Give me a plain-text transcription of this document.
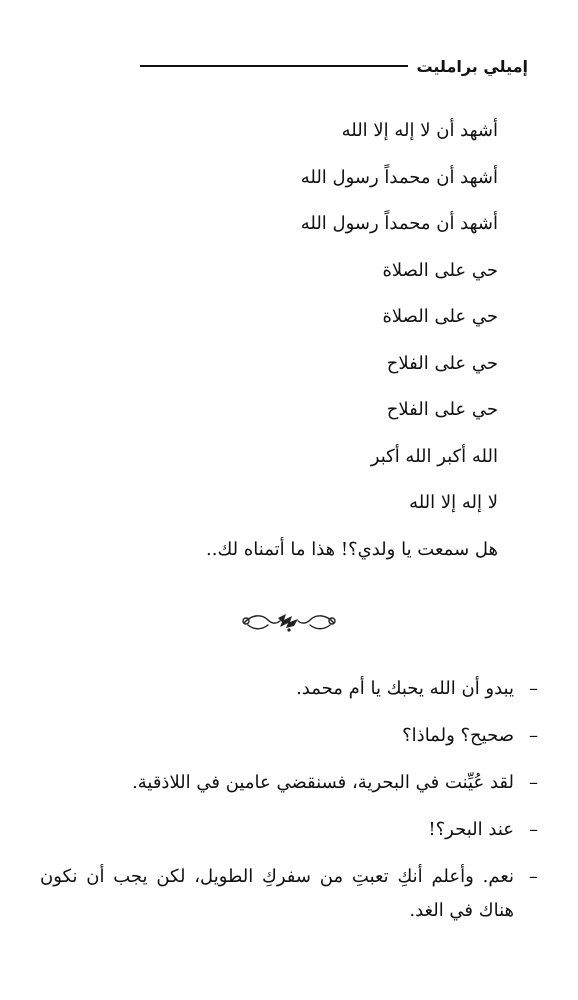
إميلي برامليت
أشهد أن لا إله إلا الله
أشهد أن محمداً رسول الله
أشهد أن محمداً رسول الله
حي على الصلاة
حي على الصلاة
حي على الفلاح
حي على الفلاح
الله أكبر الله أكبر
لا إله إلا الله
هل سمعت يا ولدي؟! هذا ما أتمناه لك..
–
يبدو أن الله يحبك يا أم محمد.
–
صحيح؟ ولماذا؟
–
لقد عُيِّنت في البحرية، فسنقضي عامين في اللاذقية.
–
عند البحر؟!
–
نعم. وأعلم أنكِ تعبتِ من سفركِ الطويل، لكن يجب أن نكون هناك في الغد.
